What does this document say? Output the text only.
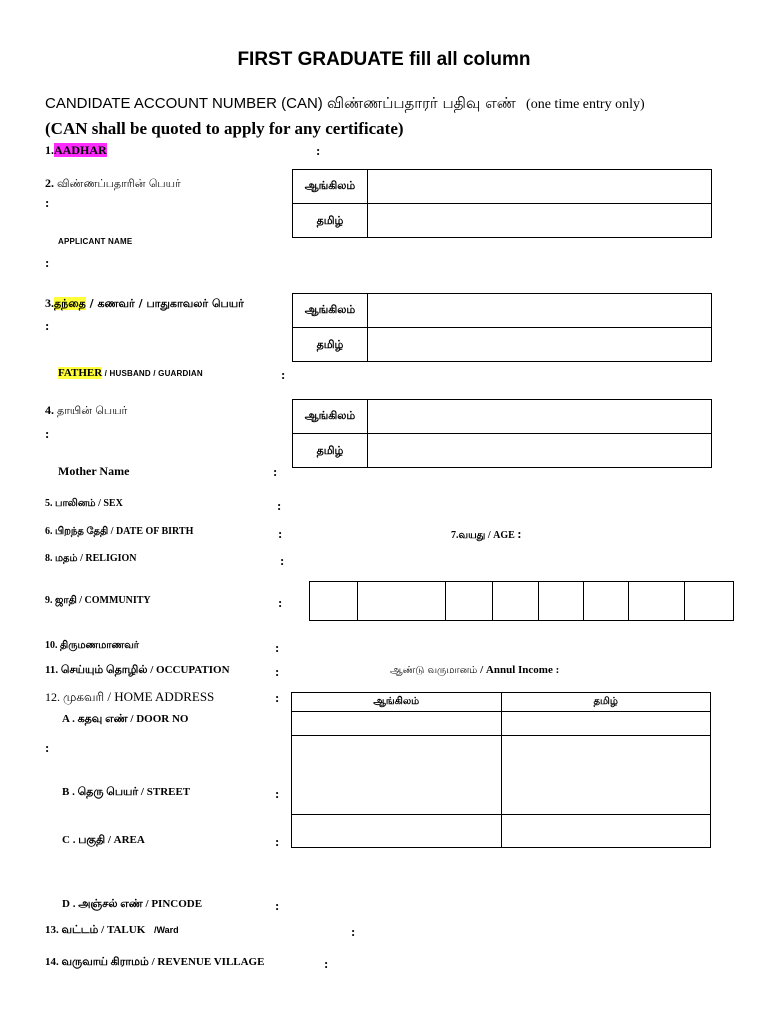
FIRST GRADUATE fill all column
CANDIDATE ACCOUNT NUMBER (CAN) விண்ணப்பதாரர் பதிவு எண் (one time entry only)
(CAN shall be quoted to apply for any certificate)
1.AADHAR	:
2. விண்ணப்பதாரின் பெயர்
:
APPLICANT NAME
:
ஆங்கிலம்
தமிழ்
3.தந்தை / கணவர் / பாதுகாவலர் பெயர்
:
FATHER / HUSBAND / GUARDIAN	:
ஆங்கிலம்
தமிழ்
4. தாயின் பெயர்
:
Mother Name	:
ஆங்கிலம்
தமிழ்
5. பாலினம் / SEX	:
6. பிறந்த தேதி / DATE OF BIRTH	:	7.வயது / AGE :
8. மதம் / RELIGION	:
9. ஜாதி / COMMUNITY	:
10. திருமணமாணவர்	:
11. செய்யும் தொழில் / OCCUPATION	:	ஆண்டு வருமானம் / Annul Income :
12. முகவரி / HOME ADDRESS	:
A . கதவு எண் / DOOR NO
:
B . தெரு பெயர் / STREET	:
C . பகுதி / AREA	:
ஆங்கிலம்	தமிழ்
D . அஞ்சல் எண் / PINCODE	:
13. வட்டம் / TALUK /Ward	:
14. வருவாய் கிராமம் / REVENUE VILLAGE	:
